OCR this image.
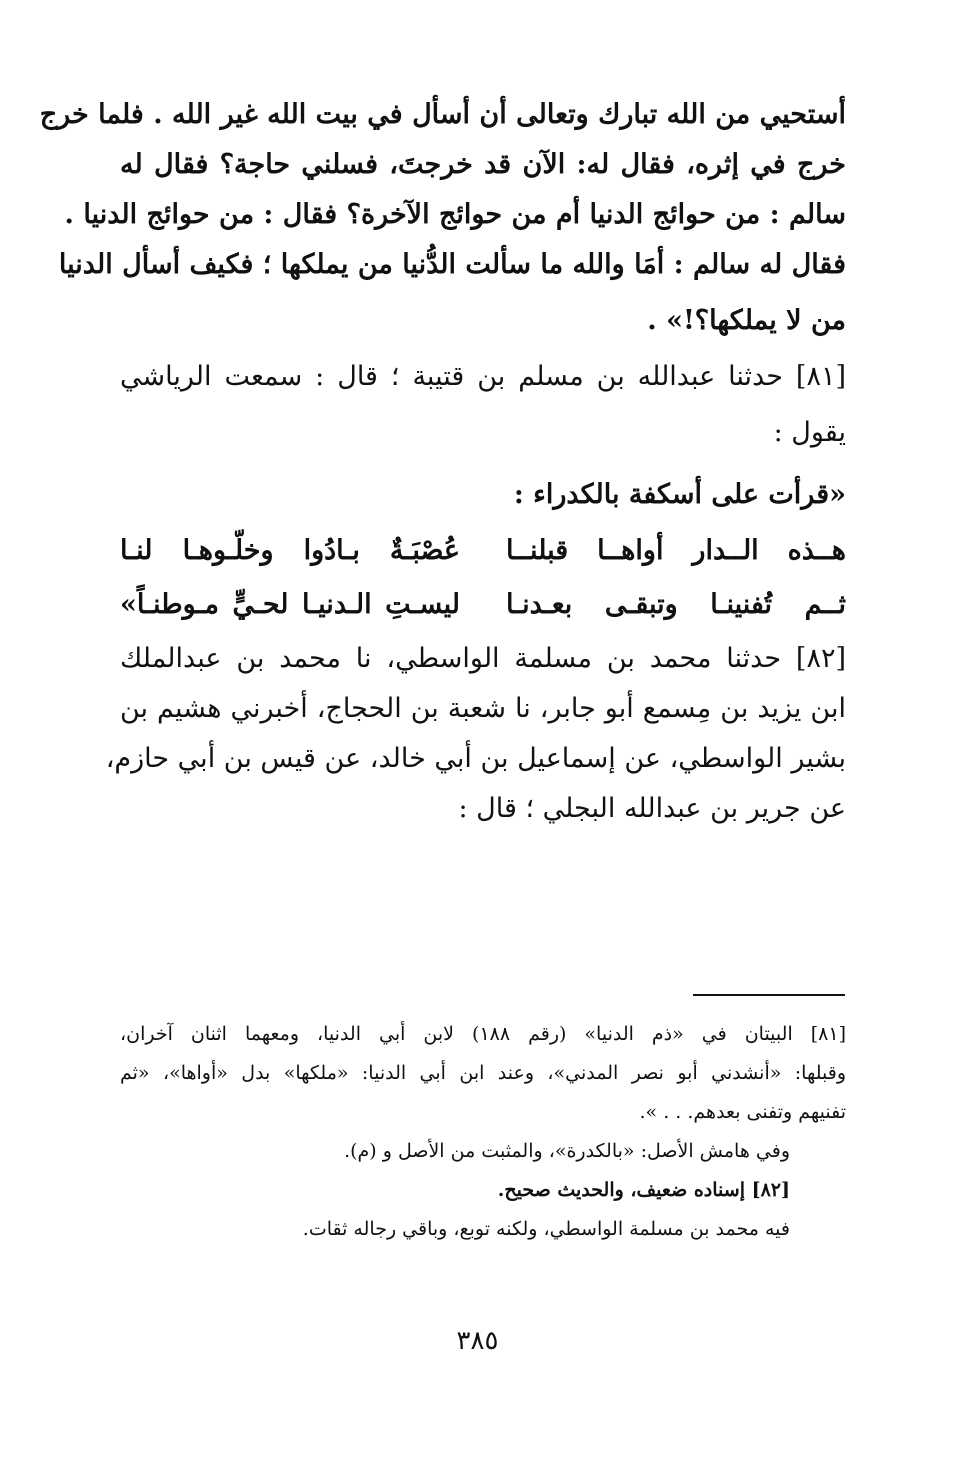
أستحيي من الله تبارك وتعالى أن أسأل في بيت الله غير الله . فلما خرج
خرج في إثره، فقال له: الآن قد خرجتَ، فسلني حاجة؟ فقال له
سالم : من حوائج الدنيا أم من حوائج الآخرة؟ فقال : من حوائج الدنيا .
فقال له سالم : أمَا والله ما سألت الدُّنيا من يملكها ؛ فكيف أسأل الدنيا
من لا يملكها؟!» .
[٨١] حدثنا عبدالله بن مسلم بن قتيبة ؛ قال : سمعت الرياشي
يقول :
«قرأت على أسكفة بالكدراء :
هــذه الــدار أواهــا قبلنــا
عُصْبَـةٌ بـادُوا وخلّـوهـا لنـا
ثــم تُفنينـا وتبقـى بعـدنـا
ليسـتِ الـدنيـا لحـيٍّ مـوطنـاً»
[٨٢] حدثنا محمد بن مسلمة الواسطي، نا محمد بن عبدالملك
ابن يزيد بن مِسمع أبو جابر، نا شعبة بن الحجاج، أخبرني هشيم بن
بشير الواسطي، عن إسماعيل بن أبي خالد، عن قيس بن أبي حازم،
عن جرير بن عبدالله البجلي ؛ قال :
[٨١] البيتان في «ذم الدنيا» (رقم ١٨٨) لابن أبي الدنيا، ومعهما اثنان آخران،
وقبلها: «أنشدني أبو نصر المدني»، وعند ابن أبي الدنيا: «ملكها» بدل «أواها»، «ثم
تفنيهم وتفنى بعدهم. . . ».
وفي هامش الأصل: «بالكدرة»، والمثبت من الأصل و (م).
[٨٢] إسناده ضعيف، والحديث صحيح.
فيه محمد بن مسلمة الواسطي، ولكنه توبع، وباقي رجاله ثقات.
٣٨٥
